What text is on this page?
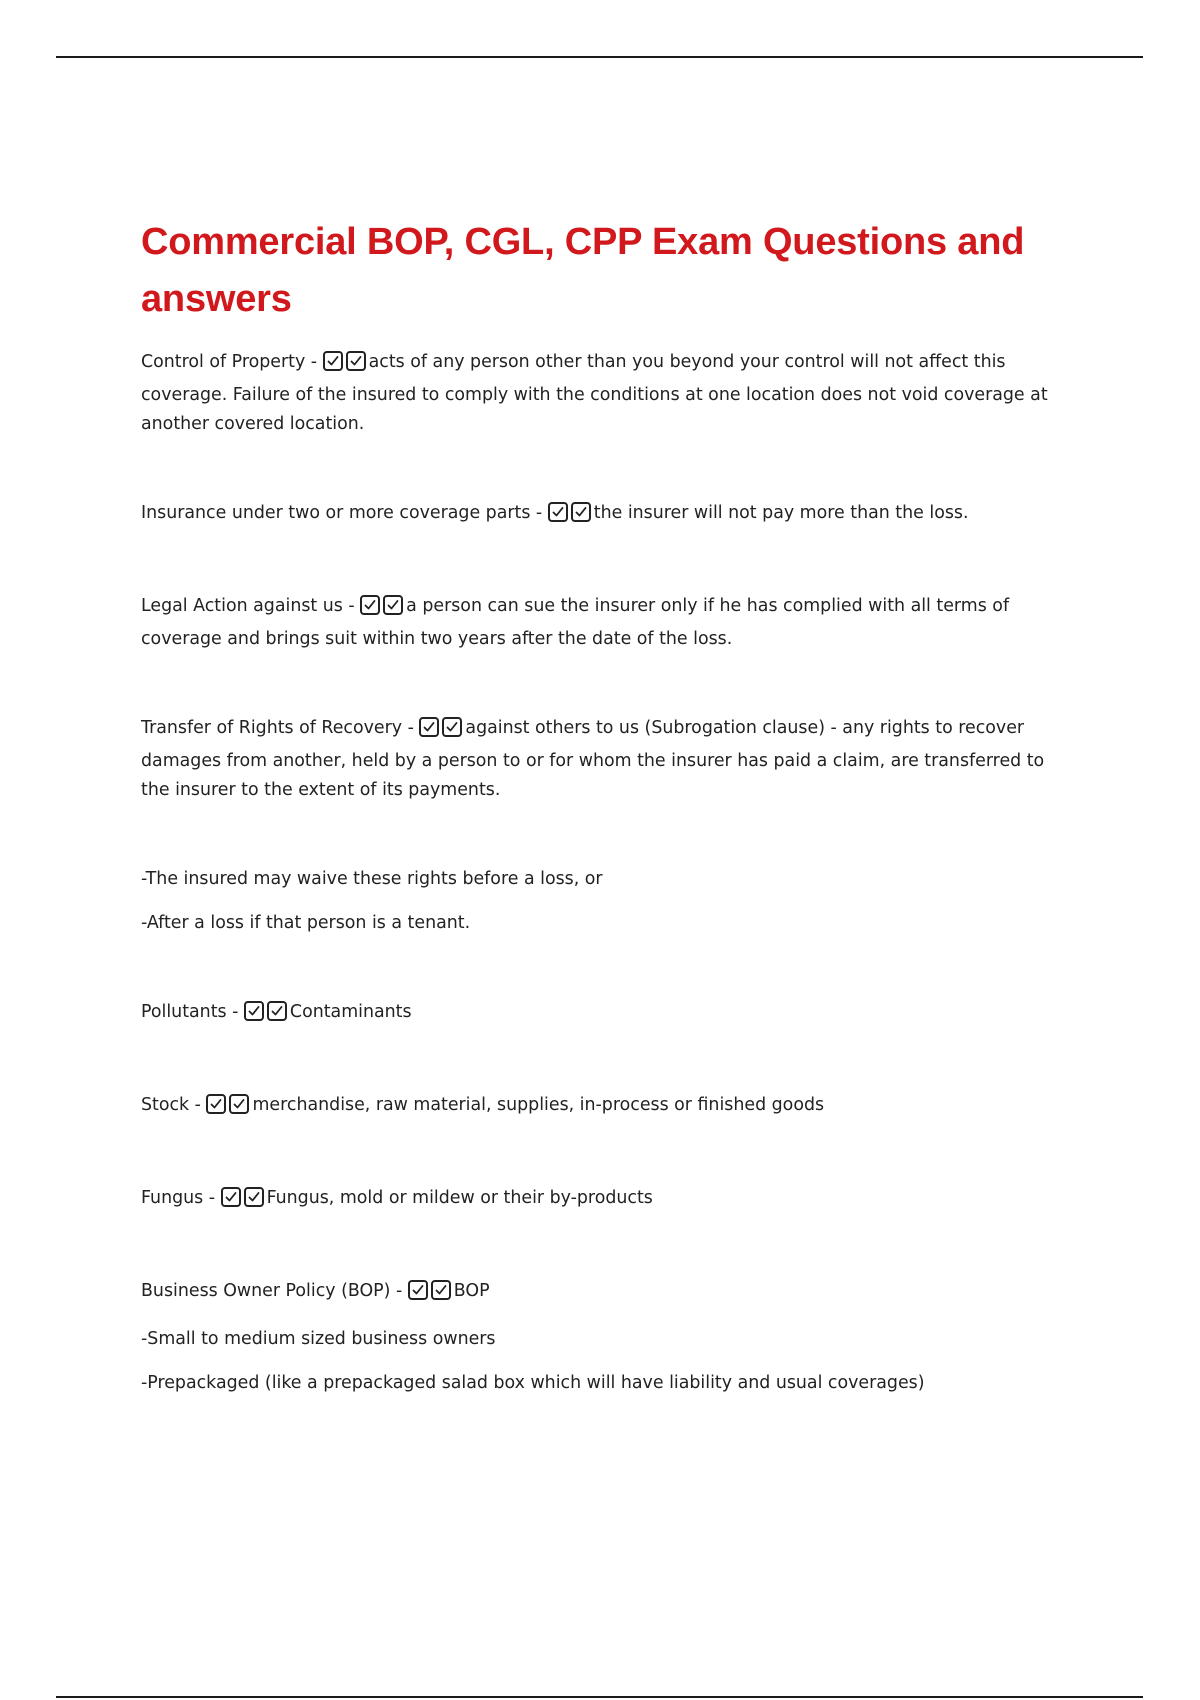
Commercial BOP, CGL, CPP Exam Questions and answers

Control of Property -	acts of any person other than you beyond your control will not affect this coverage. Failure of the insured to comply with the conditions at one location does not void coverage at another covered location.

Insurance under two or more coverage parts -	the insurer will not pay more than the loss.

Legal Action against us -	a person can sue the insurer only if he has complied with all terms of coverage and brings suit within two years after the date of the loss.

Transfer of Rights of Recovery -	against others to us (Subrogation clause) - any rights to recover damages from another, held by a person to or for whom the insurer has paid a claim, are transferred to the insurer to the extent of its payments.

-The insured may waive these rights before a loss, or

-After a loss if that person is a tenant.

Pollutants -	Contaminants

Stock -	merchandise, raw material, supplies, in-process or finished goods

Fungus -	Fungus, mold or mildew or their by-products

Business Owner Policy (BOP) -	BOP

-Small to medium sized business owners

-Prepackaged (like a prepackaged salad box which will have liability and usual coverages)
